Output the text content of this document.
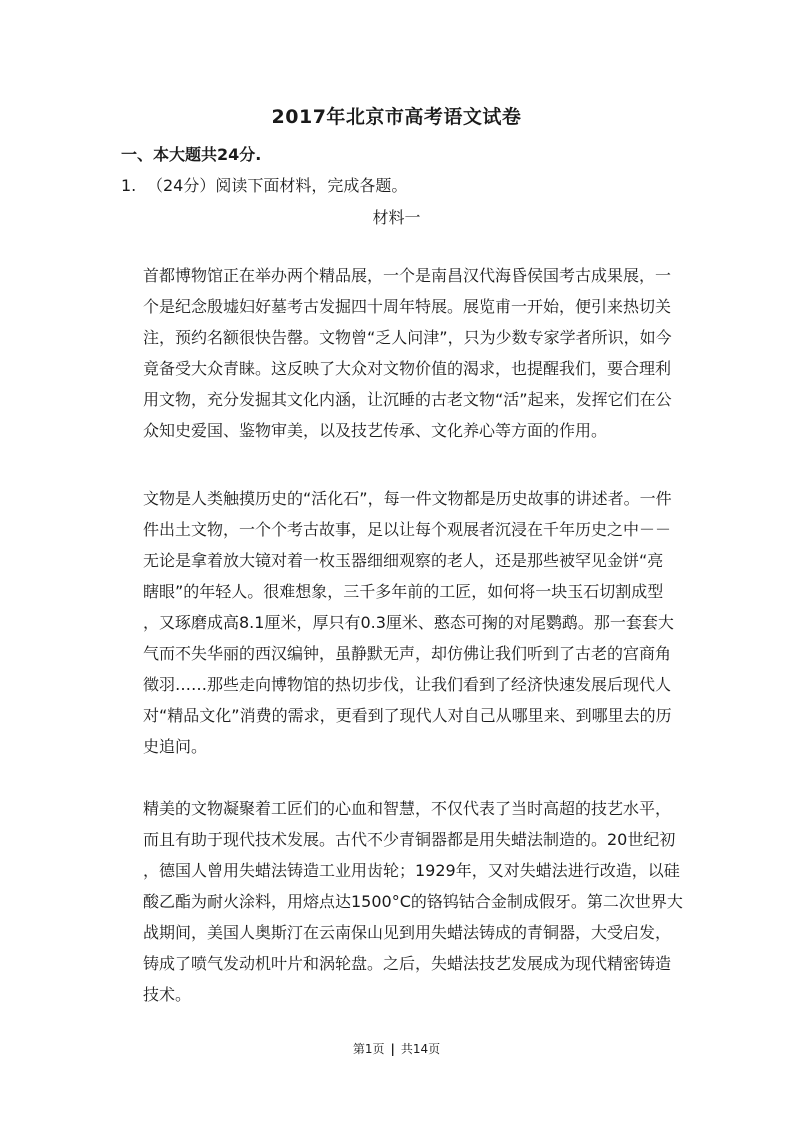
2017年北京市高考语文试卷
一、本大题共24分.
1. （24分）阅读下面材料，完成各题。
材料一
首都博物馆正在举办两个精品展，一个是南昌汉代海昏侯国考古成果展，一
个是纪念殷墟妇好墓考古发掘四十周年特展。展览甫一开始，便引来热切关
注，预约名额很快告罄。文物曾“乏人问津”，只为少数专家学者所识，如今
竟备受大众青睐。这反映了大众对文物价值的渴求，也提醒我们，要合理利
用文物，充分发掘其文化内涵，让沉睡的古老文物“活”起来，发挥它们在公
众知史爱国、鉴物审美，以及技艺传承、文化养心等方面的作用。
文物是人类触摸历史的“活化石”，每一件文物都是历史故事的讲述者。一件
件出土文物，一个个考古故事，足以让每个观展者沉浸在千年历史之中－－
无论是拿着放大镜对着一枚玉器细细观察的老人，还是那些被罕见金饼“亮
瞎眼”的年轻人。很难想象，三千多年前的工匠，如何将一块玉石切割成型
，又琢磨成高8.1厘米，厚只有0.3厘米、憨态可掬的对尾鹦鹉。那一套套大
气而不失华丽的西汉编钟，虽静默无声，却仿佛让我们听到了古老的宫商角
徵羽……那些走向博物馆的热切步伐，让我们看到了经济快速发展后现代人
对“精品文化”消费的需求，更看到了现代人对自己从哪里来、到哪里去的历
史追问。
精美的文物凝聚着工匠们的心血和智慧，不仅代表了当时高超的技艺水平，
而且有助于现代技术发展。古代不少青铜器都是用失蜡法制造的。20世纪初
，德国人曾用失蜡法铸造工业用齿轮；1929年，又对失蜡法进行改造，以硅
酸乙酯为耐火涂料，用熔点达1500°C的铬钨钴合金制成假牙。第二次世界大
战期间，美国人奥斯汀在云南保山见到用失蜡法铸成的青铜器，大受启发，
铸成了喷气发动机叶片和涡轮盘。之后，失蜡法技艺发展成为现代精密铸造
技术。
第1页 | 共14页
